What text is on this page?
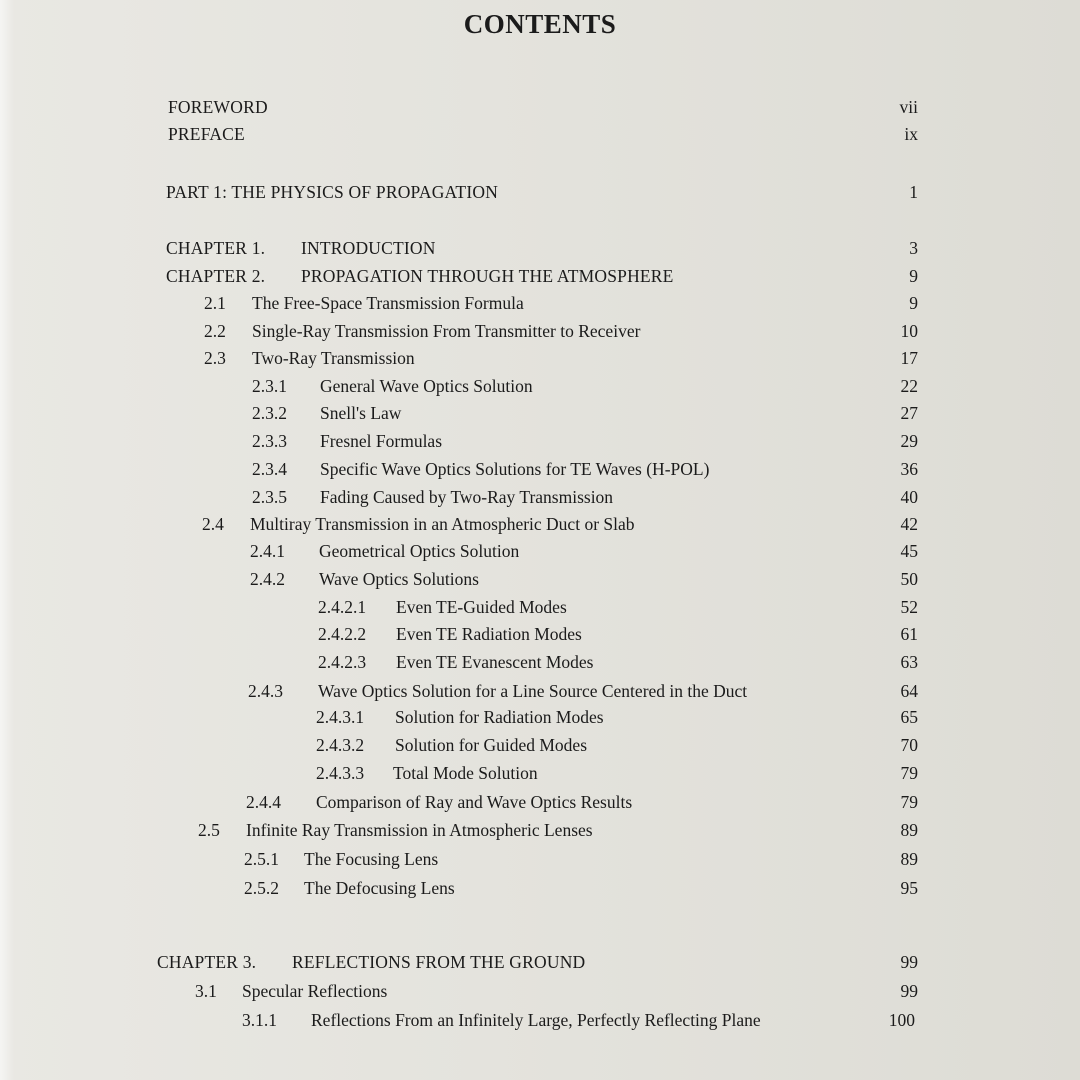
CONTENTS
FOREWORD	vii
PREFACE	ix
PART 1: THE PHYSICS OF PROPAGATION	1
CHAPTER 1. INTRODUCTION	3
CHAPTER 2. PROPAGATION THROUGH THE ATMOSPHERE	9
2.1 The Free-Space Transmission Formula	9
2.2 Single-Ray Transmission From Transmitter to Receiver	10
2.3 Two-Ray Transmission	17
2.3.1 General Wave Optics Solution	22
2.3.2 Snell's Law	27
2.3.3 Fresnel Formulas	29
2.3.4 Specific Wave Optics Solutions for TE Waves (H-POL)	36
2.3.5 Fading Caused by Two-Ray Transmission	40
2.4 Multiray Transmission in an Atmospheric Duct or Slab	42
2.4.1 Geometrical Optics Solution	45
2.4.2 Wave Optics Solutions	50
2.4.2.1 Even TE-Guided Modes	52
2.4.2.2 Even TE Radiation Modes	61
2.4.2.3 Even TE Evanescent Modes	63
2.4.3 Wave Optics Solution for a Line Source Centered in the Duct	64
2.4.3.1 Solution for Radiation Modes	65
2.4.3.2 Solution for Guided Modes	70
2.4.3.3 Total Mode Solution	79
2.4.4 Comparison of Ray and Wave Optics Results	79
2.5 Infinite Ray Transmission in Atmospheric Lenses	89
2.5.1 The Focusing Lens	89
2.5.2 The Defocusing Lens	95
CHAPTER 3. REFLECTIONS FROM THE GROUND	99
3.1 Specular Reflections	99
3.1.1 Reflections From an Infinitely Large, Perfectly Reflecting Plane	100
